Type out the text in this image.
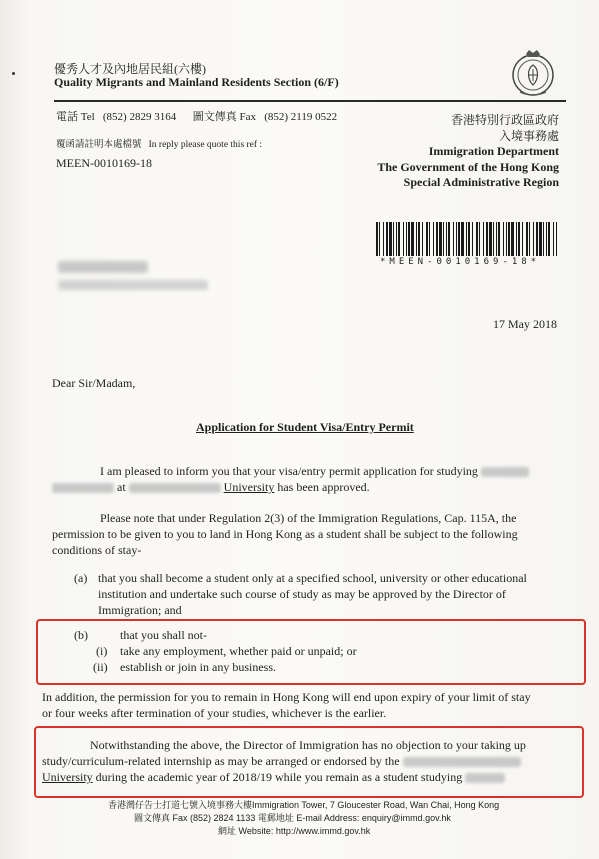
優秀人才及內地居民組(六樓)
Quality Migrants and Mainland Residents Section (6/F)
電話 Tel (852) 2829 3164 圖文傳真 Fax (852) 2119 0522
覆函請註明本處檔號 In reply please quote this ref :
MEEN-0010169-18
香港特別行政區政府
入境事務處
Immigration Department
The Government of the Hong Kong
Special Administrative Region
*MEEN-0010169-18*
17 May 2018
Dear Sir/Madam,
Application for Student Visa/Entry Permit
I am pleased to inform you that your visa/entry permit application for studying
at	University has been approved.
Please note that under Regulation 2(3) of the Immigration Regulations, Cap. 115A, the
permission to be given to you to land in Hong Kong as a student shall be subject to the following
conditions of stay-
(a) that you shall become a student only at a specified school, university or other educational
institution and undertake such course of study as may be approved by the Director of
Immigration; and
(b)	that you shall not-
(i) take any employment, whether paid or unpaid; or
(ii) establish or join in any business.
In addition, the permission for you to remain in Hong Kong will end upon expiry of your limit of stay
or four weeks after termination of your studies, whichever is the earlier.
Notwithstanding the above, the Director of Immigration has no objection to your taking up
study/curriculum-related internship as may be arranged or endorsed by the
University during the academic year of 2018/19 while you remain as a student studying
香港灣仔告士打道七號入境事務大樓Immigration Tower, 7 Gloucester Road, Wan Chai, Hong Kong
圖文傳真 Fax (852) 2824 1133 電郵地址 E-mail Address: enquiry@immd.gov.hk
網址 Website: http://www.immd.gov.hk
